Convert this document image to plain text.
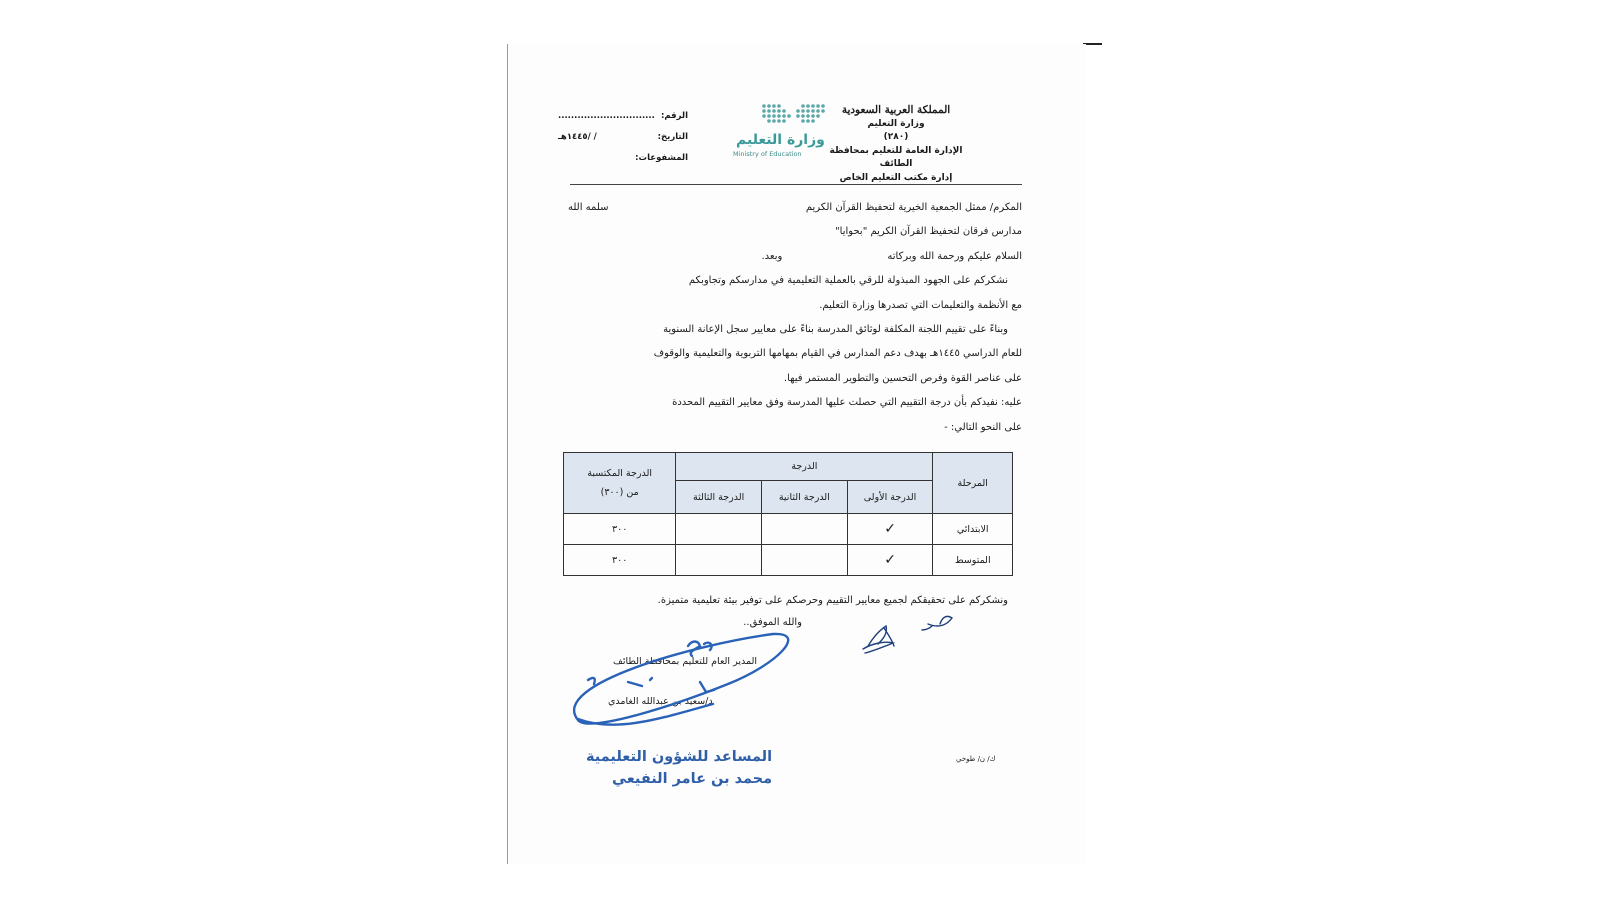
المملكة العربية السعودية
وزارة التعليم
(٢٨٠)
الإدارة العامة للتعليم بمحافظة الطائف
إدارة مكتب التعليم الخاص
وزارة التعليم
Ministry of Education
الرقم:
..............................
التاريخ:
/ /١٤٤٥هـ
المشفوعات:
المكرم/ ممثل الجمعية الخيرية لتحفيظ القرآن الكريم
سلمه الله
مدارس فرقان لتحفيظ القرآن الكريم "بحوايا"
السلام عليكم ورحمة الله وبركاته
وبعد.

نشكركم على الجهود المبذولة للرقي بالعملية التعليمية في مدارسكم وتجاوبكم

مع الأنظمة والتعليمات التي تصدرها وزارة التعليم.

وبناءً على تقييم اللجنة المكلفة لوثائق المدرسة بناءً على معايير سجل الإعانة السنوية

للعام الدراسي ١٤٤٥هـ بهدف دعم المدارس في القيام بمهامها التربوية والتعليمية والوقوف

على عناصر القوة وفرص التحسين والتطوير المستمر فيها.

عليه: نفيدكم بأن درجة التقييم التي حصلت عليها المدرسة وفق معايير التقييم المحددة

على النحو التالي: -

المرحلة	الدرجة			الدرجة المكتسبة
من (٣٠٠)

	الدرجة الأولى	الدرجة الثانية	الدرجة الثالثة	
الابتدائي	✓			٣٠٠
المتوسط	✓			٣٠٠
ونشكركم على تحقيقكم لجميع معايير التقييم وحرصكم على توفير بيئة تعليمية متميزة.
والله الموفق..
المدير العام للتعليم بمحافظة الطائف
د/سعيد بن عبدالله الغامدي
المساعد للشؤون التعليمية
محمد بن عامر النفيعي
ك/ ن/ طوخي
